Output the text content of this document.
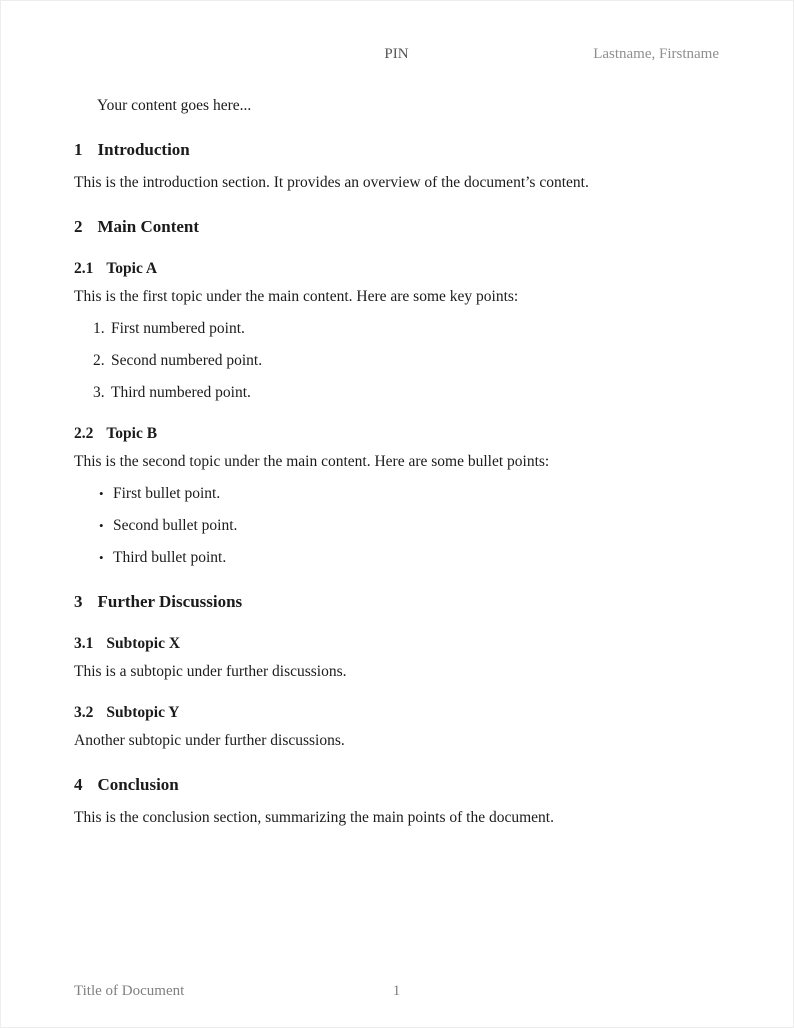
PIN	Lastname, Firstname

Your content goes here...

1 Introduction

This is the introduction section. It provides an overview of the document’s content.

2 Main Content
2.1 Topic A

This is the first topic under the main content. Here are some key points:

1. First numbered point.
2. Second numbered point.
3. Third numbered point.
2.2 Topic B

This is the second topic under the main content. Here are some bullet points:

• First bullet point.
• Second bullet point.
• Third bullet point.
3 Further Discussions
3.1 Subtopic X

This is a subtopic under further discussions.

3.2 Subtopic Y

Another subtopic under further discussions.

4 Conclusion

This is the conclusion section, summarizing the main points of the document.

Title of Document	1
